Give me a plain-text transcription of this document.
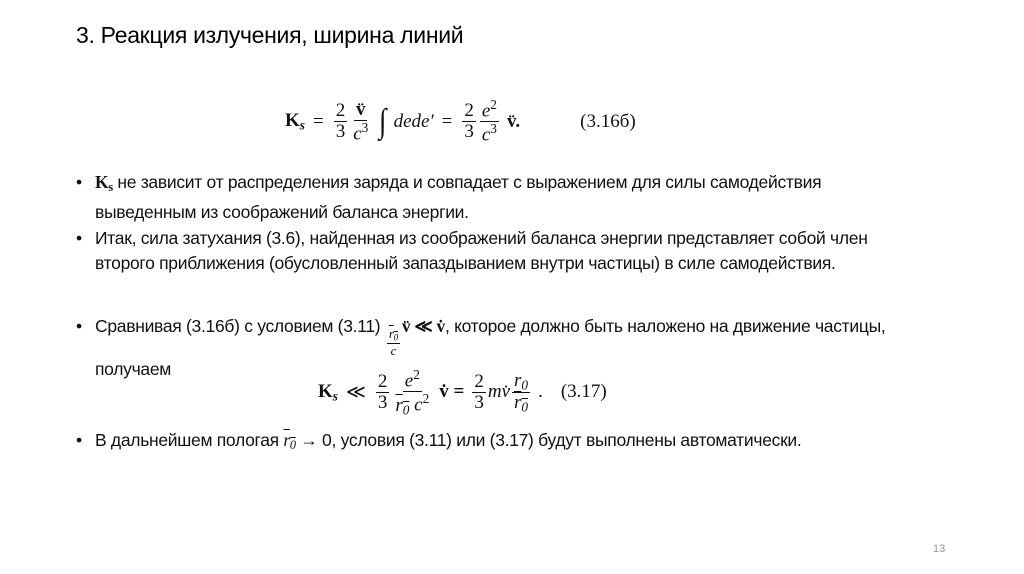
3. Реакция излучения, ширина линий
$K_s = \frac{2}{3} \frac{v̈}{c^3}$ ∫ dede′ = $\frac{2}{3} \frac{e^2}{c^3}$ v̈.	(3.16б)
• $K_s$ не зависит от распределения заряда и совпадает с выражением для силы самодействия выведенным из соображений баланса энергии.
• Итак, сила затухания (3.6), найденная из соображений баланса энергии представляет собой член второго приближения (обусловленный запаздыванием внутри частицы) в силе самодействия.
• Сравнивая (3.16б) с условием (3.11)
$\frac{r_0}{c}$
v̈ ≪ v̇, которое должно быть наложено на движение частицы, получаем
$K_s$ ≪ $\frac{2}{3} \frac{e^2}{r_0 c^2}$ v̇ = $\frac{2}{3}$ mv̇ $\frac{r_0}{r_0}$ . (3.17)
• В дальнейшем пологая $r_0 \to 0$, условия (3.11) или (3.17) будут выполнены автоматически.
13
